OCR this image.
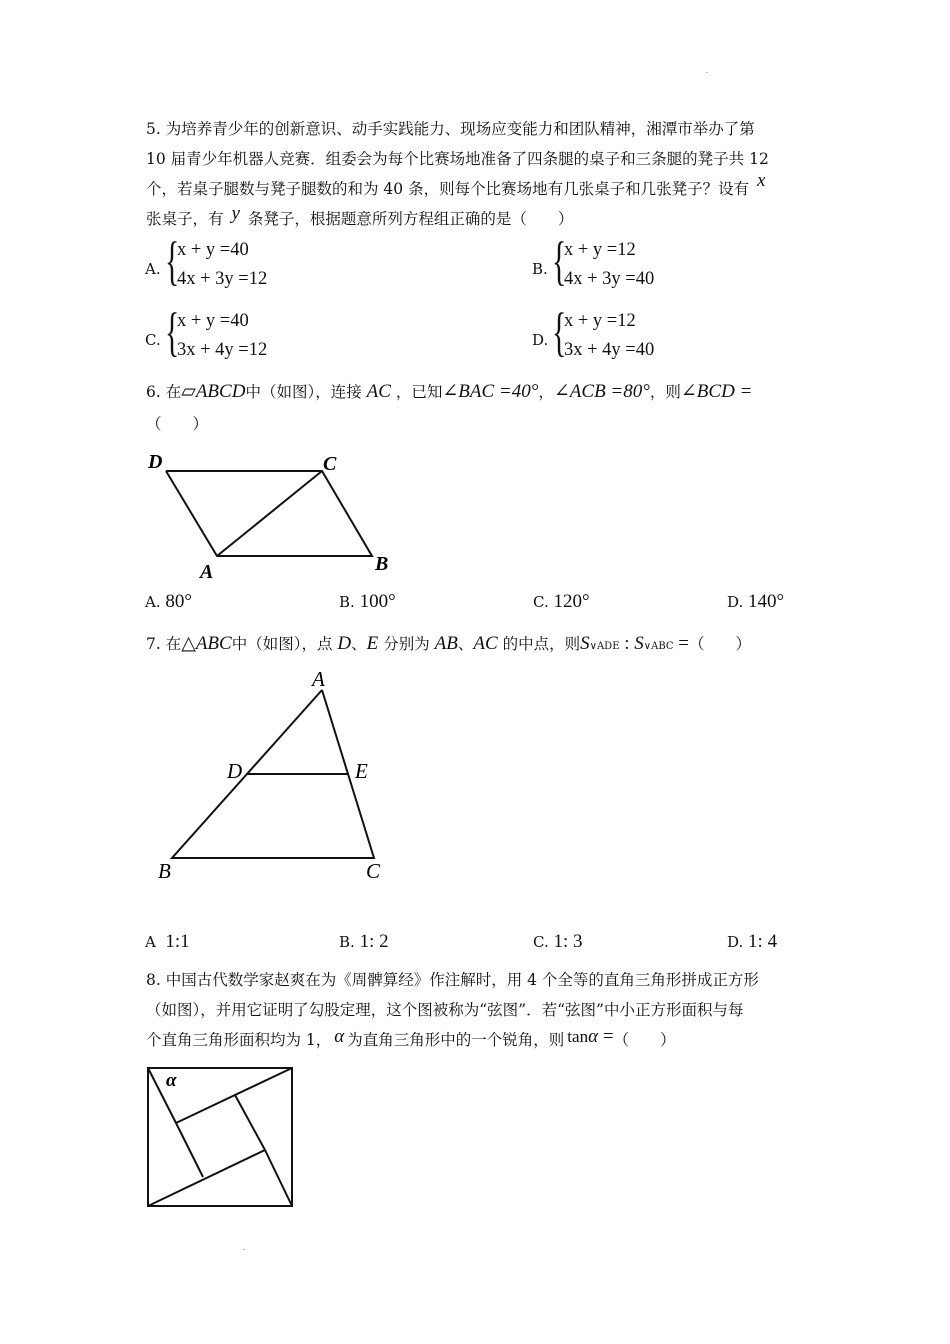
5. 为培养青少年的创新意识、动手实践能力、现场应变能力和团队精神，湘潭市举办了第
10 届青少年机器人竞赛．组委会为每个比赛场地准备了四条腿的桌子和三条腿的凳子共 12
个，若桌子腿数与凳子腿数的和为 40 条，则每个比赛场地有几张桌子和几张凳子？设有 x
张桌子，有 y 条凳子，根据题意所列方程组正确的是（　　）
A. {
x + y =40
4x + 3y =12	B. {
x + y =12
4x + 3y =40
C. {
x + y =40
3x + 4y =12	D. {
x + y =12
3x + 4y =40
6. 在▱ABCD中（如图），连接 AC ，已知∠BAC =40°，∠ACB =80°，则∠BCD =
（　　）
D	C
A	B
A. 80°	B. 100°	C. 120°	D. 140°
7. 在△ABC中（如图），点 D、E 分别为 AB、AC 的中点，则S∨ADE : S∨ABC =（　　）
A
D	E
B	C
A 1:1	B. 1: 2	C. 1: 3	D. 1: 4
8. 中国古代数学家赵爽在为《周髀算经》作注解时，用 4 个全等的直角三角形拼成正方形
（如图），并用它证明了勾股定理，这个图被称为“弦图”．若“弦图”中小正方形面积与每
个直角三角形面积均为 1， α 为直角三角形中的一个锐角，则 tanα =（　　）
α
